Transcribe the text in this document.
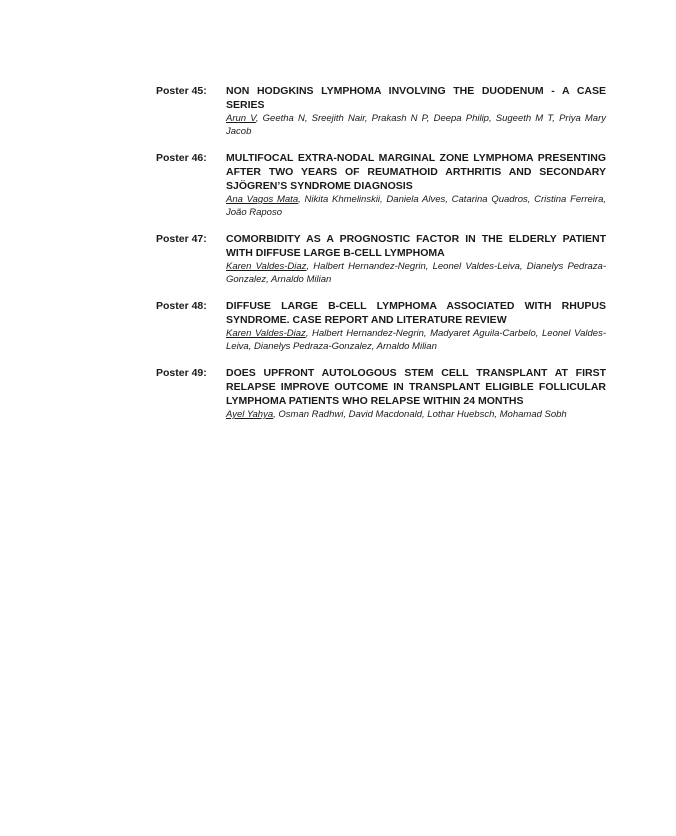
Poster 45:	NON HODGKINS LYMPHOMA INVOLVING THE DUODENUM - A CASE SERIES

Arun V, Geetha N, Sreejith Nair, Prakash N P, Deepa Philip, Sugeeth M T, Priya Mary Jacob

Poster 46:	MULTIFOCAL EXTRA-NODAL MARGINAL ZONE LYMPHOMA PRESENTING AFTER TWO YEARS OF REUMATHOID ARTHRITIS AND SECONDARY SJÖGREN’S SYNDROME DIAGNOSIS

Ana Vagos Mata, Nikita Khmelinskii, Daniela Alves, Catarina Quadros, Cristina Ferreira, João Raposo

Poster 47:	COMORBIDITY AS A PROGNOSTIC FACTOR IN THE ELDERLY PATIENT WITH DIFFUSE LARGE B-CELL LYMPHOMA

Karen Valdes-Diaz, Halbert Hernandez-Negrin, Leonel Valdes-Leiva, Dianelys Pedraza-Gonzalez, Arnaldo Milian

Poster 48:	DIFFUSE LARGE B-CELL LYMPHOMA ASSOCIATED WITH RHUPUS SYNDROME. CASE REPORT AND LITERATURE REVIEW

Karen Valdes-Diaz, Halbert Hernandez-Negrin, Madyaret Aguila-Carbelo, Leonel Valdes-Leiva, Dianelys Pedraza-Gonzalez, Arnaldo Milian

Poster 49:	DOES UPFRONT AUTOLOGOUS STEM CELL TRANSPLANT AT FIRST RELAPSE IMPROVE OUTCOME IN TRANSPLANT ELIGIBLE FOLLICULAR LYMPHOMA PATIENTS WHO RELAPSE WITHIN 24 MONTHS

Ayel Yahya, Osman Radhwi, David Macdonald, Lothar Huebsch, Mohamad Sobh
